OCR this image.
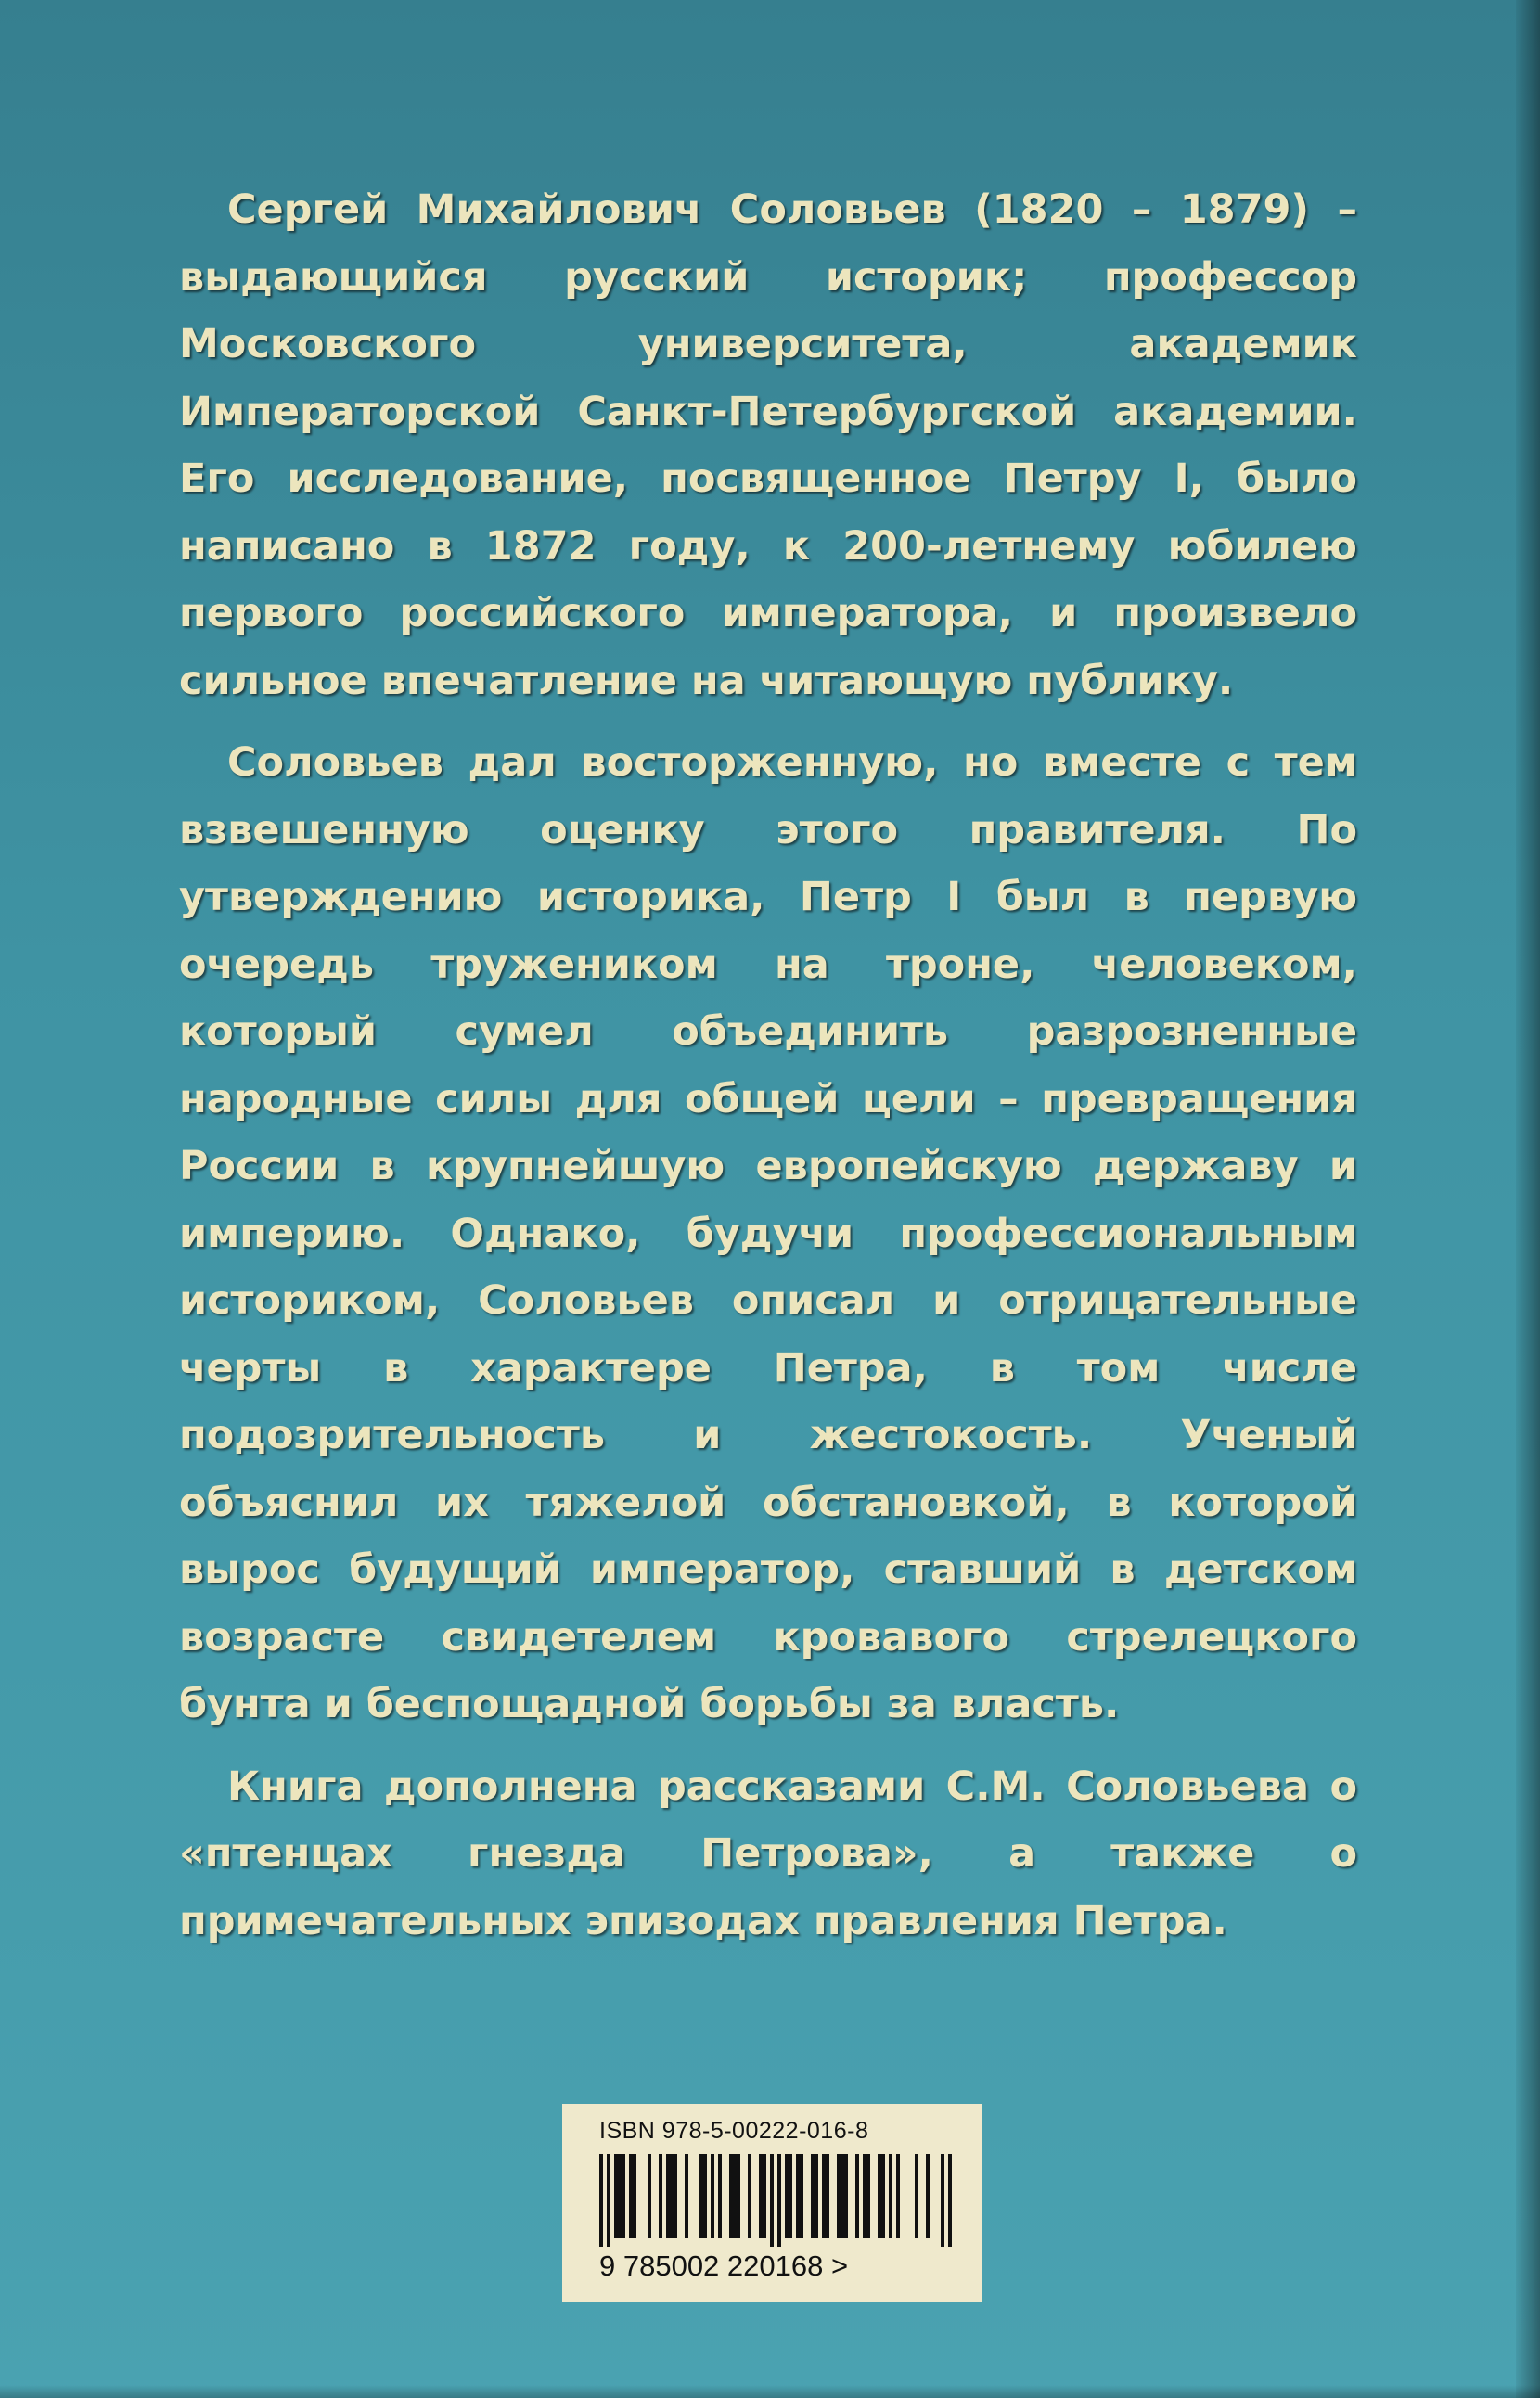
Сергей Михайлович Соловьев (1820 – 1879) – выдающийся русский историк; профессор Московского университета, академик Императорской Санкт-Петербургской академии. Его исследование, посвященное Петру I, было написано в 1872 году, к 200-летнему юбилею первого российского императора, и произвело сильное впечатление на читающую публику.

Соловьев дал восторженную, но вместе с тем взвешенную оценку этого правителя. По утверждению историка, Петр I был в первую очередь тружеником на троне, человеком, который сумел объединить разрозненные народные силы для общей цели – превращения России в крупнейшую европейскую державу и империю. Однако, будучи профессиональным историком, Соловьев описал и отрицательные черты в характере Петра, в том числе подозрительность и жестокость. Ученый объяснил их тяжелой обстановкой, в которой вырос будущий император, ставший в детском возрасте свидетелем кровавого стрелецкого бунта и беспощадной борьбы за власть.

Книга дополнена рассказами С.М. Соловьева о «птенцах гнезда Петрова», а также о примечательных эпизодах правления Петра.

ISBN 978-5-00222-016-8
9 785002 220168 >
